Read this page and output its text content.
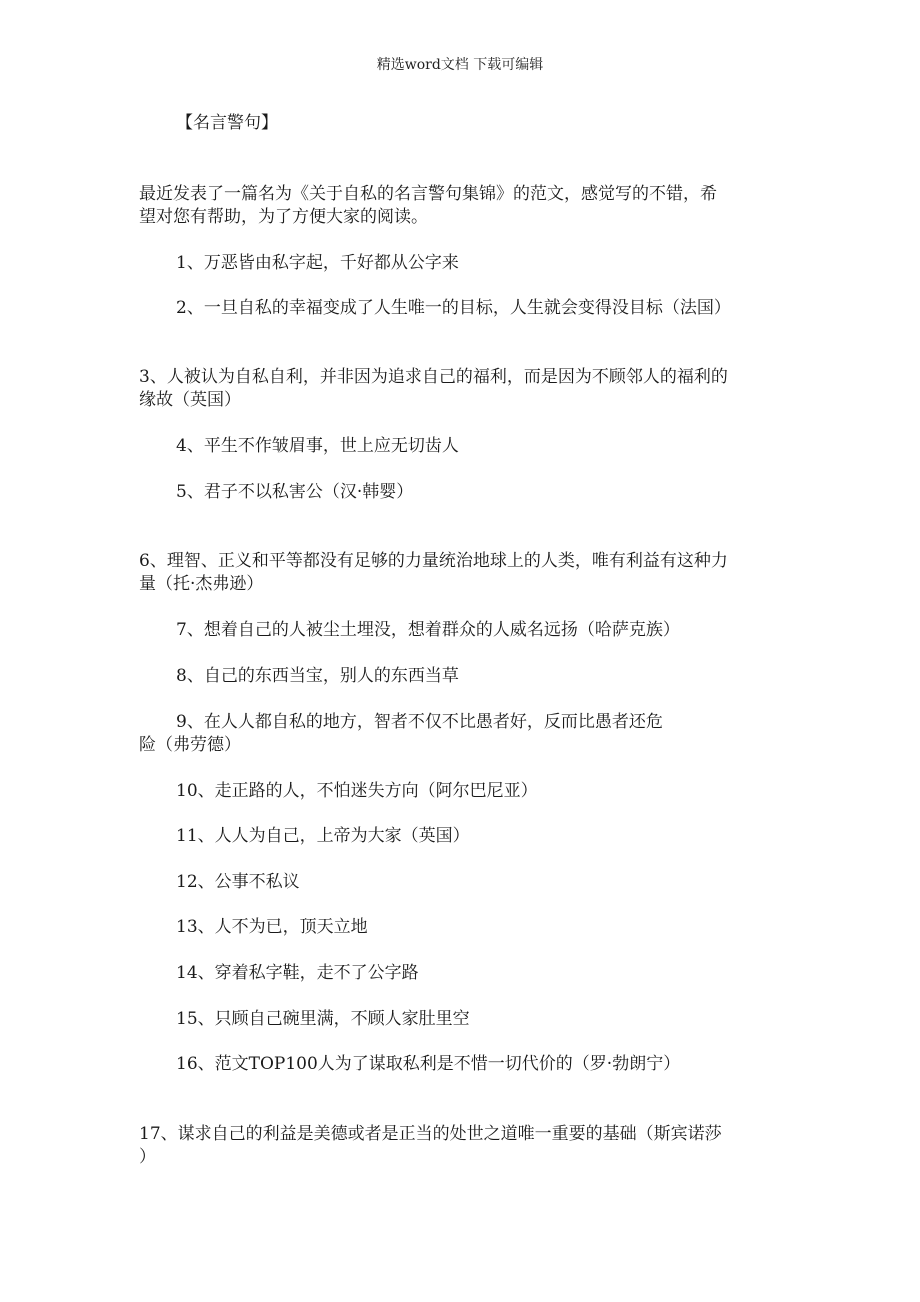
精选word文档 下载可编辑
【名言警句】
最近发表了一篇名为《关于自私的名言警句集锦》的范文，感觉写的不错，希
望对您有帮助，为了方便大家的阅读。
1、万恶皆由私字起，千好都从公字来
2、一旦自私的幸福变成了人生唯一的目标，人生就会变得没目标（法国）
3、人被认为自私自利，并非因为追求自己的福利，而是因为不顾邻人的福利的
缘故（英国）
4、平生不作皱眉事，世上应无切齿人
5、君子不以私害公（汉·韩婴）
6、理智、正义和平等都没有足够的力量统治地球上的人类，唯有利益有这种力
量（托·杰弗逊）
7、想着自己的人被尘土埋没，想着群众的人威名远扬（哈萨克族）
8、自己的东西当宝，别人的东西当草
9、在人人都自私的地方，智者不仅不比愚者好，反而比愚者还危
险（弗劳德）
10、走正路的人，不怕迷失方向（阿尔巴尼亚）
11、人人为自己，上帝为大家（英国）
12、公事不私议
13、人不为已，顶天立地
14、穿着私字鞋，走不了公字路
15、只顾自己碗里满，不顾人家肚里空
16、范文TOP100人为了谋取私利是不惜一切代价的（罗·勃朗宁）
17、谋求自己的利益是美德或者是正当的处世之道唯一重要的基础（斯宾诺莎
）
